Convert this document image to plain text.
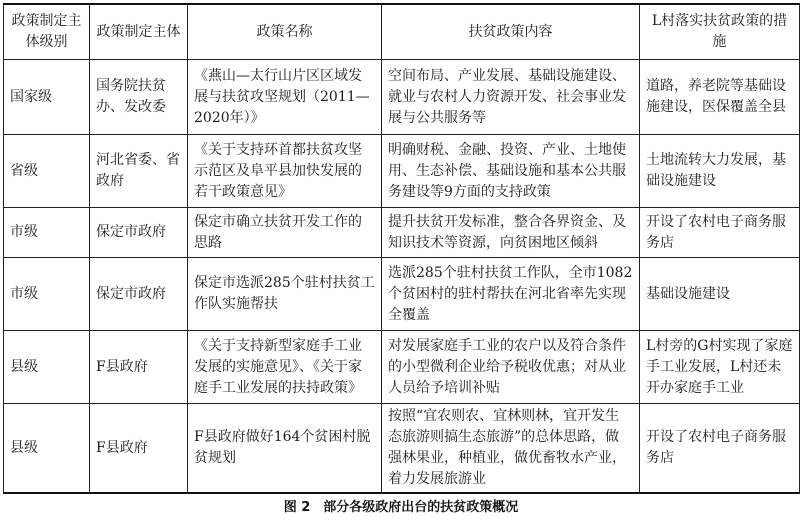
政策制定主体级别	政策制定主体	政策名称	扶贫政策内容	L村落实扶贫政策的措施
国家级	国务院扶贫办、发改委	《燕山—太行山片区区域发展与扶贫攻坚规划（2011—2020年）》	空间布局、产业发展、基础设施建设、就业与农村人力资源开发、社会事业发展与公共服务等	道路，养老院等基础设施建设，医保覆盖全县
省级	河北省委、省政府	《关于支持环首都扶贫攻坚示范区及阜平县加快发展的若干政策意见》	明确财税、金融、投资、产业、土地使用、生态补偿、基础设施和基本公共服务建设等9方面的支持政策	土地流转大力发展，基础设施建设
市级	保定市政府	保定市确立扶贫开发工作的思路	提升扶贫开发标准，整合各界资金、及知识技术等资源，向贫困地区倾斜	开设了农村电子商务服务店
市级	保定市政府	保定市选派285个驻村扶贫工作队实施帮扶	选派285个驻村扶贫工作队，全市1082个贫困村的驻村帮扶在河北省率先实现全覆盖	基础设施建设
县级	F县政府	《关于支持新型家庭手工业发展的实施意见》、《关于家庭手工业发展的扶持政策》	对发展家庭手工业的农户以及符合条件的小型微利企业给予税收优惠；对从业人员给予培训补贴	L村旁的G村实现了家庭手工业发展，L村还未开办家庭手工业
县级	F县政府	F县政府做好164个贫困村脱贫规划	按照“宜农则农、宜林则林，宜开发生态旅游则搞生态旅游”的总体思路，做强林果业，种植业，做优畜牧水产业，着力发展旅游业	开设了农村电子商务服务店
图 2　部分各级政府出台的扶贫政策概况
